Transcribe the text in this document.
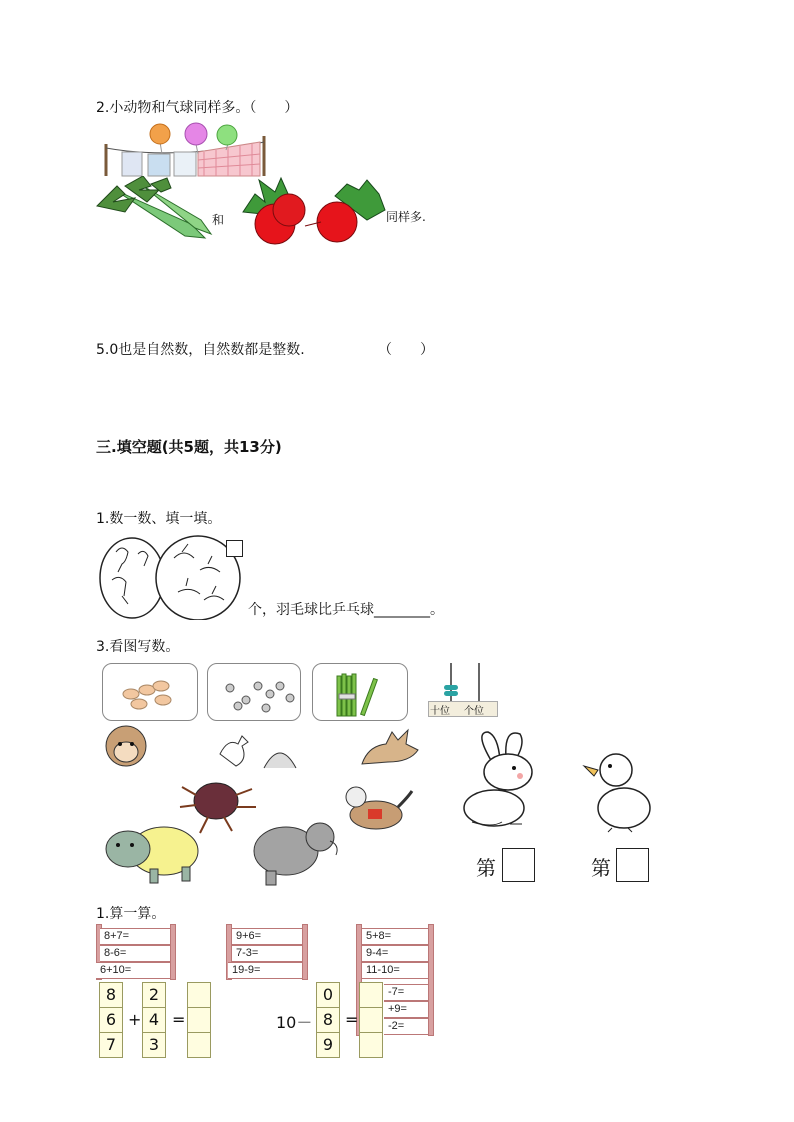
2.小动物和气球同样多。（　　）
和	同样多.
5.0也是自然数，自然数都是整数.	（　　）
三.填空题(共5题，共13分)
1.数一数、填一填。
个，羽毛球比乒乓球________。
3.看图写数。
十位 个位
第	第
1.算一算。
8+7=
8-6=
6+10=
9+6=
7-3=
19-9=
5+8=
9-4=
11-10=
-7=
+9=
-2=
8
6
7
+
2
4
3
=	10－
0
8
9
=
